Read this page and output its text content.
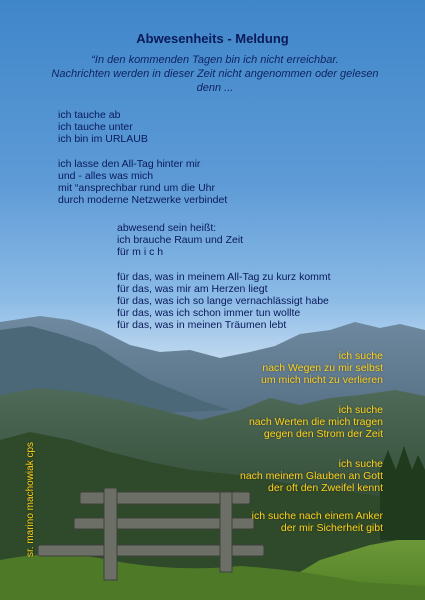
Abwesenheits - Meldung
“In den kommenden Tagen bin ich nicht erreichbar.
Nachrichten werden in dieser Zeit nicht angenommen oder gelesen
denn ...
ich tauche ab
ich tauche unter
ich bin im URLAUB
ich lasse den All-Tag hinter mir
und - alles was mich
mit “ansprechbar rund um die Uhr
durch moderne Netzwerke verbindet
abwesend sein heißt:
ich brauche Raum und Zeit
für m i c h
für das, was in meinem All-Tag zu kurz kommt
für das, was mir am Herzen liegt
für das, was ich so lange vernachlässigt habe
für das, was ich schon immer tun wollte
für das, was in meinen Träumen lebt
ich suche
nach Wegen zu mir selbst
um mich nicht zu verlieren
ich suche
nach Werten die mich tragen
gegen den Strom der Zeit
ich suche
nach meinem Glauben an Gott
der oft den Zweifel kennt
ich suche nach einem Anker
der mir Sicherheit gibt
sr. marino machowiak cps
